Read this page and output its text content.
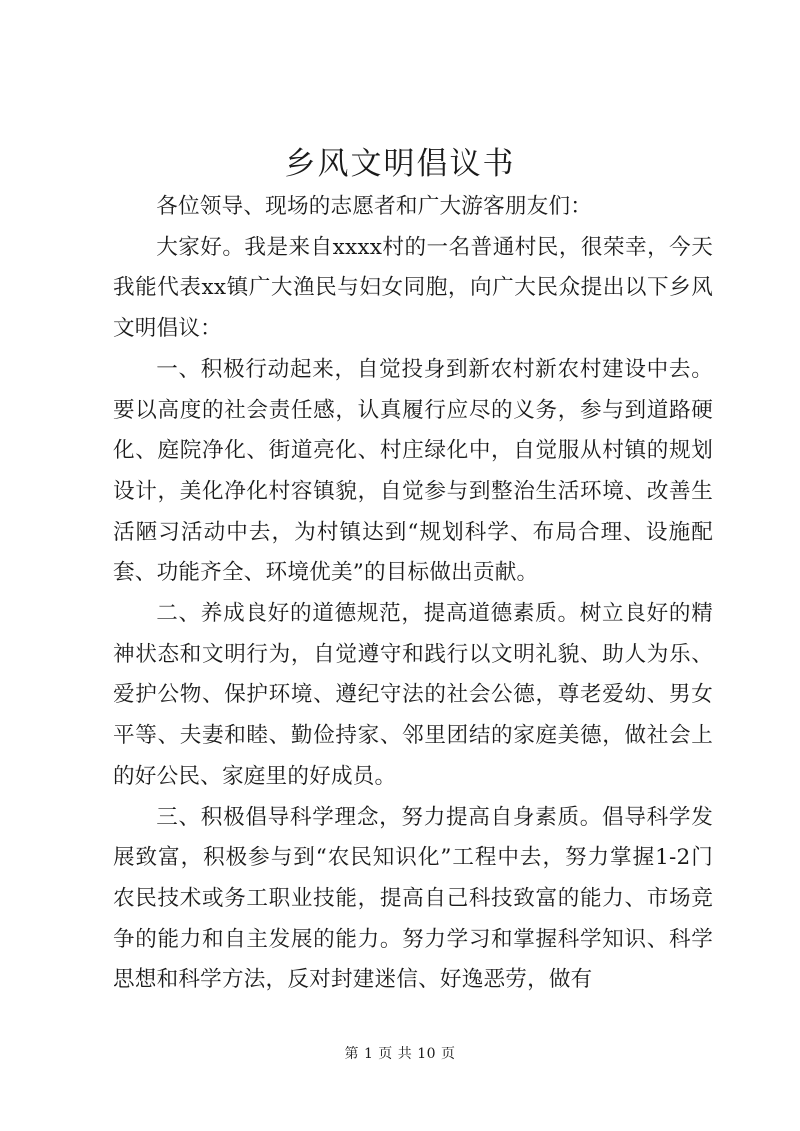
乡风文明倡议书

各位领导、现场的志愿者和广大游客朋友们：

大家好。我是来自xxxx村的一名普通村民，很荣幸，今天我能代表xx镇广大渔民与妇女同胞，向广大民众提出以下乡风文明倡议：

一、积极行动起来，自觉投身到新农村新农村建设中去。要以高度的社会责任感，认真履行应尽的义务，参与到道路硬化、庭院净化、街道亮化、村庄绿化中，自觉服从村镇的规划设计，美化净化村容镇貌，自觉参与到整治生活环境、改善生活陋习活动中去，为村镇达到“规划科学、布局合理、设施配套、功能齐全、环境优美”的目标做出贡献。

二、养成良好的道德规范，提高道德素质。树立良好的精神状态和文明行为，自觉遵守和践行以文明礼貌、助人为乐、爱护公物、保护环境、遵纪守法的社会公德，尊老爱幼、男女平等、夫妻和睦、勤俭持家、邻里团结的家庭美德，做社会上的好公民、家庭里的好成员。

三、积极倡导科学理念，努力提高自身素质。倡导科学发展致富，积极参与到“农民知识化”工程中去，努力掌握1-2门农民技术或务工职业技能，提高自己科技致富的能力、市场竞争的能力和自主发展的能力。努力学习和掌握科学知识、科学思想和科学方法，反对封建迷信、好逸恶劳，做有

第 1 页 共 10 页
